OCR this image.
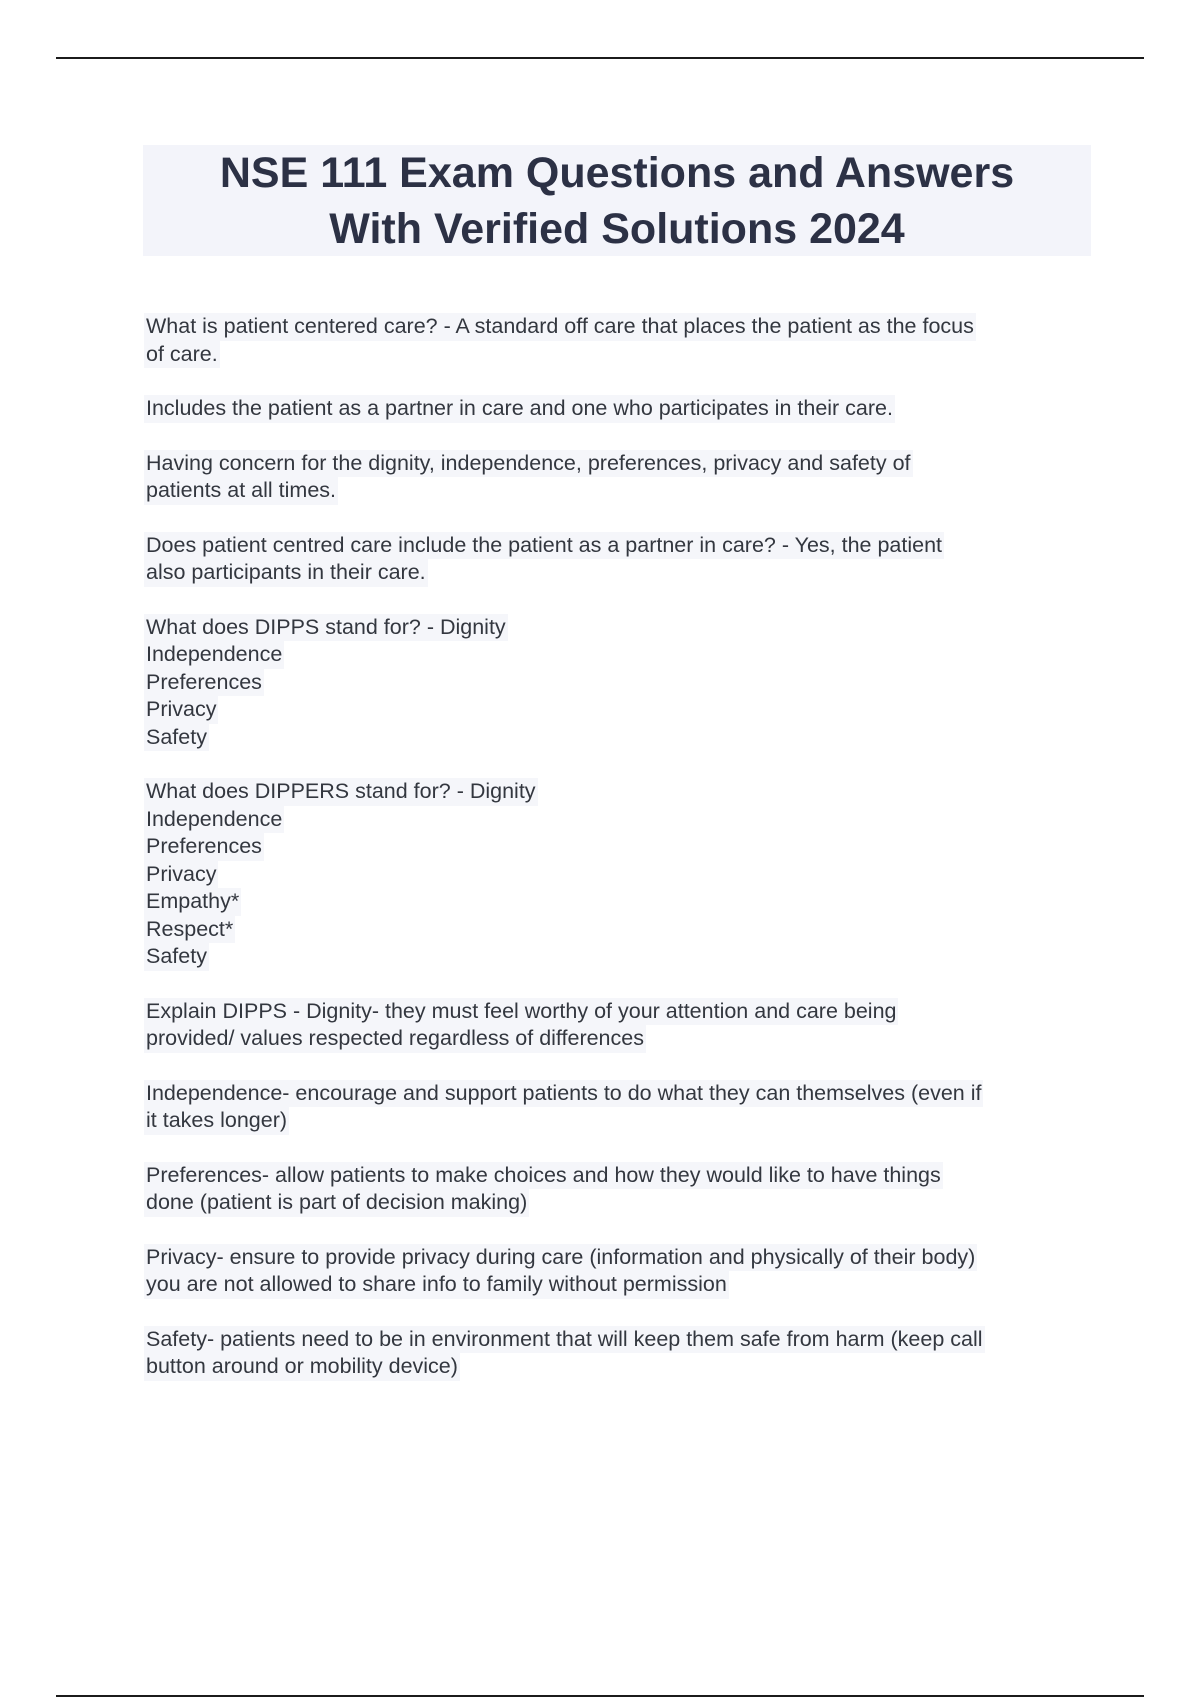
NSE 111 Exam Questions and Answers
With Verified Solutions 2024

What is patient centered care? - A standard off care that places the patient as the focus
of care.

Includes the patient as a partner in care and one who participates in their care.

Having concern for the dignity, independence, preferences, privacy and safety of
patients at all times.

Does patient centred care include the patient as a partner in care? - Yes, the patient
also participants in their care.

What does DIPPS stand for? - Dignity
Independence
Preferences
Privacy
Safety

What does DIPPERS stand for? - Dignity
Independence
Preferences
Privacy
Empathy*
Respect*
Safety

Explain DIPPS - Dignity- they must feel worthy of your attention and care being
provided/ values respected regardless of differences

Independence- encourage and support patients to do what they can themselves (even if
it takes longer)

Preferences- allow patients to make choices and how they would like to have things
done (patient is part of decision making)

Privacy- ensure to provide privacy during care (information and physically of their body)
you are not allowed to share info to family without permission

Safety- patients need to be in environment that will keep them safe from harm (keep call
button around or mobility device)
